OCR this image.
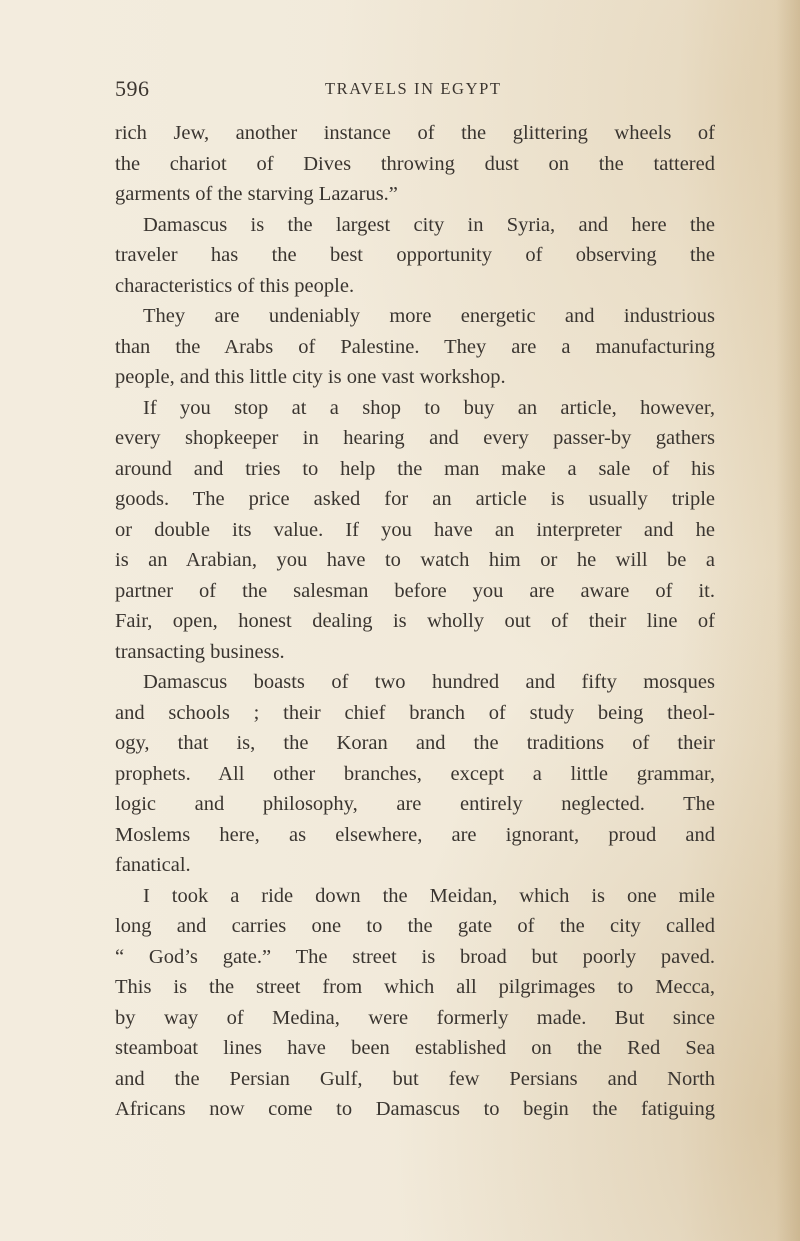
596	TRAVELS IN EGYPT
rich Jew, another instance of the glittering wheels of
the chariot of Dives throwing dust on the tattered
garments of the starving Lazarus.”
Damascus is the largest city in Syria, and here the
traveler has the best opportunity of observing the
characteristics of this people.
They are undeniably more energetic and industrious
than the Arabs of Palestine. They are a manufacturing
people, and this little city is one vast workshop.
If you stop at a shop to buy an article, however,
every shopkeeper in hearing and every passer-by gathers
around and tries to help the man make a sale of his
goods. The price asked for an article is usually triple
or double its value. If you have an interpreter and he
is an Arabian, you have to watch him or he will be a
partner of the salesman before you are aware of it.
Fair, open, honest dealing is wholly out of their line of
transacting business.
Damascus boasts of two hundred and fifty mosques
and schools ; their chief branch of study being theol-
ogy, that is, the Koran and the traditions of their
prophets. All other branches, except a little grammar,
logic and philosophy, are entirely neglected. The
Moslems here, as elsewhere, are ignorant, proud and
fanatical.
I took a ride down the Meidan, which is one mile
long and carries one to the gate of the city called
“ God’s gate.” The street is broad but poorly paved.
This is the street from which all pilgrimages to Mecca,
by way of Medina, were formerly made. But since
steamboat lines have been established on the Red Sea
and the Persian Gulf, but few Persians and North
Africans now come to Damascus to begin the fatiguing
